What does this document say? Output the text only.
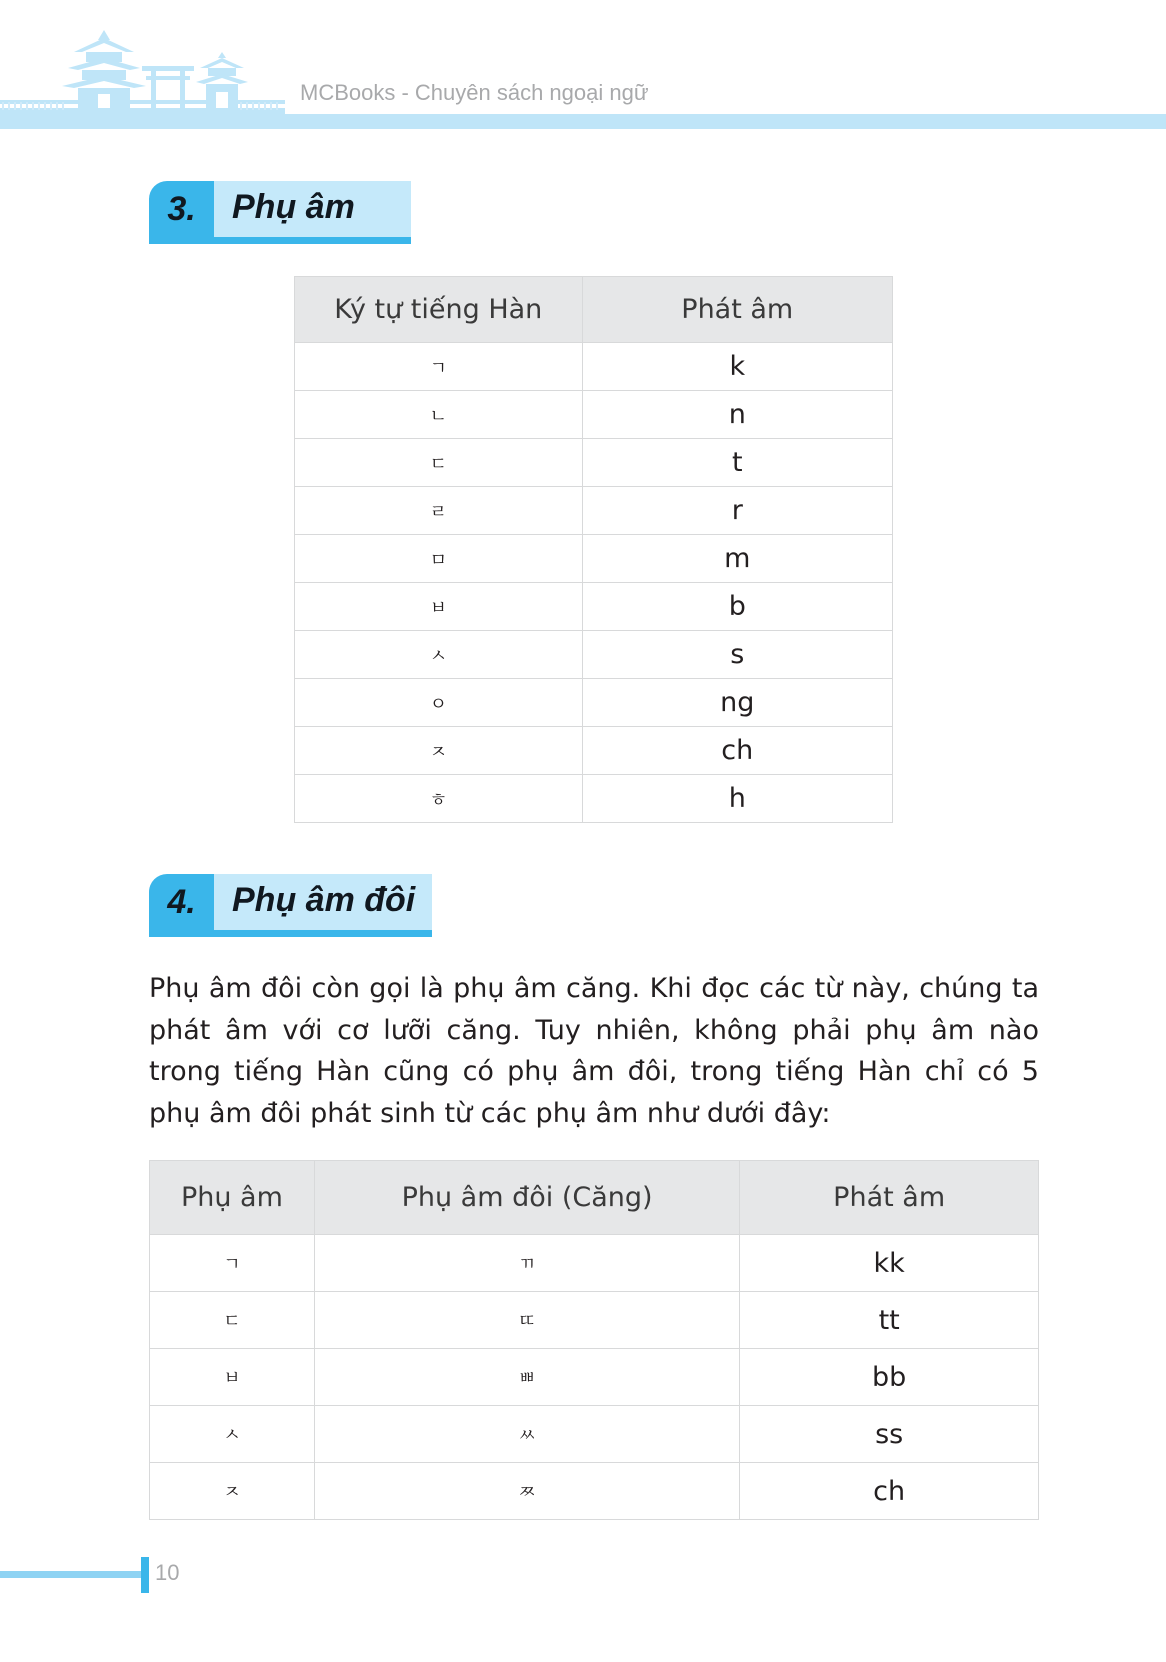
MCBooks - Chuyên sách ngoại ngữ
3.	Phụ âm
Ký tự tiếng Hàn	Phát âm
ㄱ	k
ㄴ	n
ㄷ	t
ㄹ	r
ㅁ	m
ㅂ	b
ㅅ	s
ㅇ	ng
ㅈ	ch
ㅎ	h
4.	Phụ âm đôi

Phụ âm đôi còn gọi là phụ âm căng. Khi đọc các từ này, chúng ta phát âm với cơ lưỡi căng. Tuy nhiên, không phải phụ âm nào trong tiếng Hàn cũng có phụ âm đôi, trong tiếng Hàn chỉ có 5 phụ âm đôi phát sinh từ các phụ âm như dưới đây:

Phụ âm	Phụ âm đôi (Căng)	Phát âm
ㄱ	ㄲ	kk
ㄷ	ㄸ	tt
ㅂ	ㅃ	bb
ㅅ	ㅆ	ss
ㅈ	ㅉ	ch
10
